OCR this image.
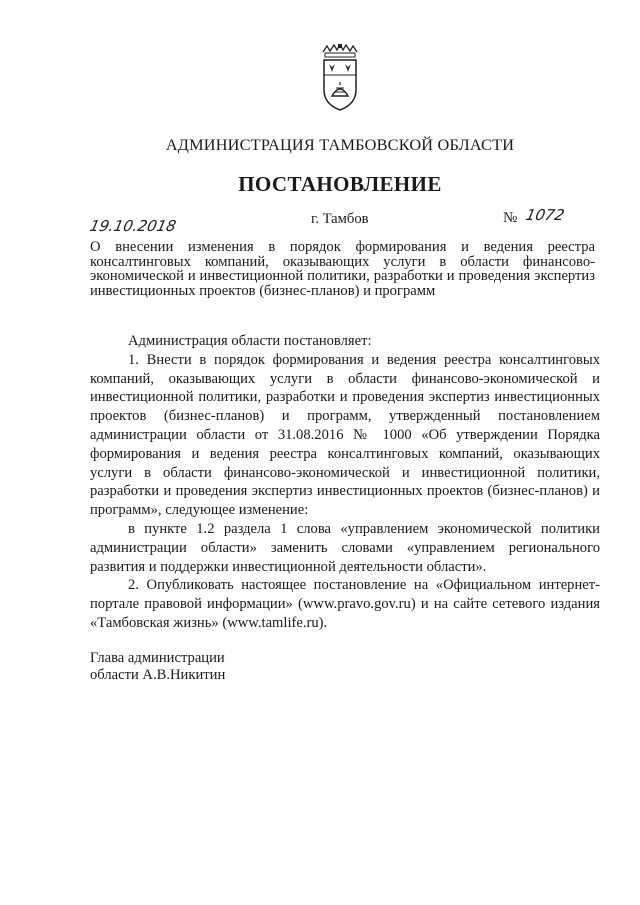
АДМИНИСТРАЦИЯ ТАМБОВСКОЙ ОБЛАСТИ
ПОСТАНОВЛЕНИЕ
19.10.2018	г. Тамбов	№ 1072
О внесении изменения в порядок формирования и ведения реестра консалтинговых компаний, оказывающих услуги в области финансово-экономической и инвестиционной политики, разработки и проведения экспертиз инвестиционных проектов (бизнес-планов) и программ

Администрация области постановляет:

1. Внести в порядок формирования и ведения реестра консалтинговых компаний, оказывающих услуги в области финансово-экономической и инвестиционной политики, разработки и проведения экспертиз инвестиционных проектов (бизнес-планов) и программ, утвержденный постановлением администрации области от 31.08.2016 № 1000 «Об утверждении Порядка формирования и ведения реестра консалтинговых компаний, оказывающих услуги в области финансово-экономической и инвестиционной политики, разработки и проведения экспертиз инвестиционных проектов (бизнес-планов) и программ», следующее изменение:

в пункте 1.2 раздела 1 слова «управлением экономической политики администрации области» заменить словами «управлением регионального развития и поддержки инвестиционной деятельности области».

2. Опубликовать настоящее постановление на «Официальном интернет-портале правовой информации» (www.pravo.gov.ru) и на сайте сетевого издания «Тамбовская жизнь» (www.tamlife.ru).

Глава администрации
области А.В.Никитин
